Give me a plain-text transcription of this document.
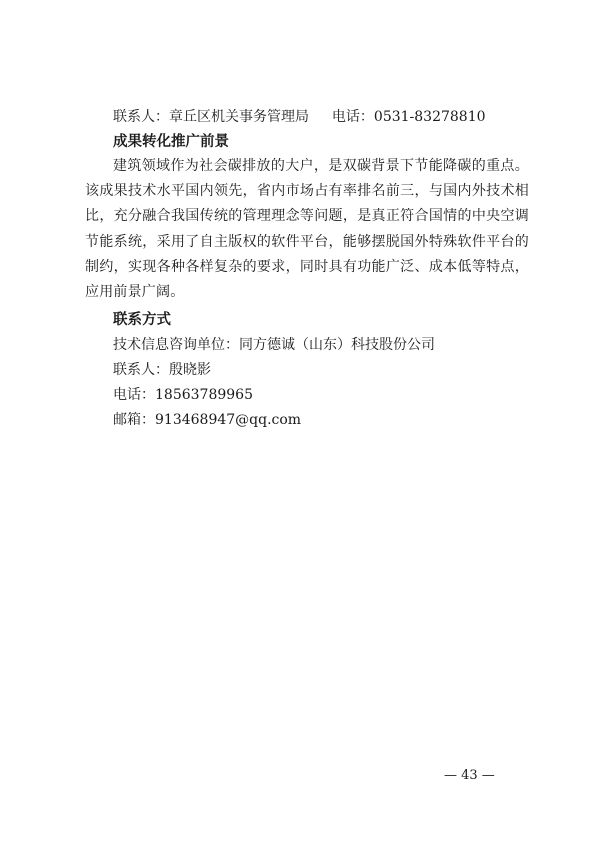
联系人：章丘区机关事务管理局 电话：0531-83278810
成果转化推广前景
建筑领域作为社会碳排放的大户，是双碳背景下节能降碳的重点。该成果技术水平国内领先，省内市场占有率排名前三，与国内外技术相比，充分融合我国传统的管理理念等问题，是真正符合国情的中央空调节能系统，采用了自主版权的软件平台，能够摆脱国外特殊软件平台的制约，实现各种各样复杂的要求，同时具有功能广泛、成本低等特点，应用前景广阔。
联系方式
技术信息咨询单位：同方德诚（山东）科技股份公司
联系人：殷晓影
电话：18563789965
邮箱：913468947@qq.com
— 43 —
